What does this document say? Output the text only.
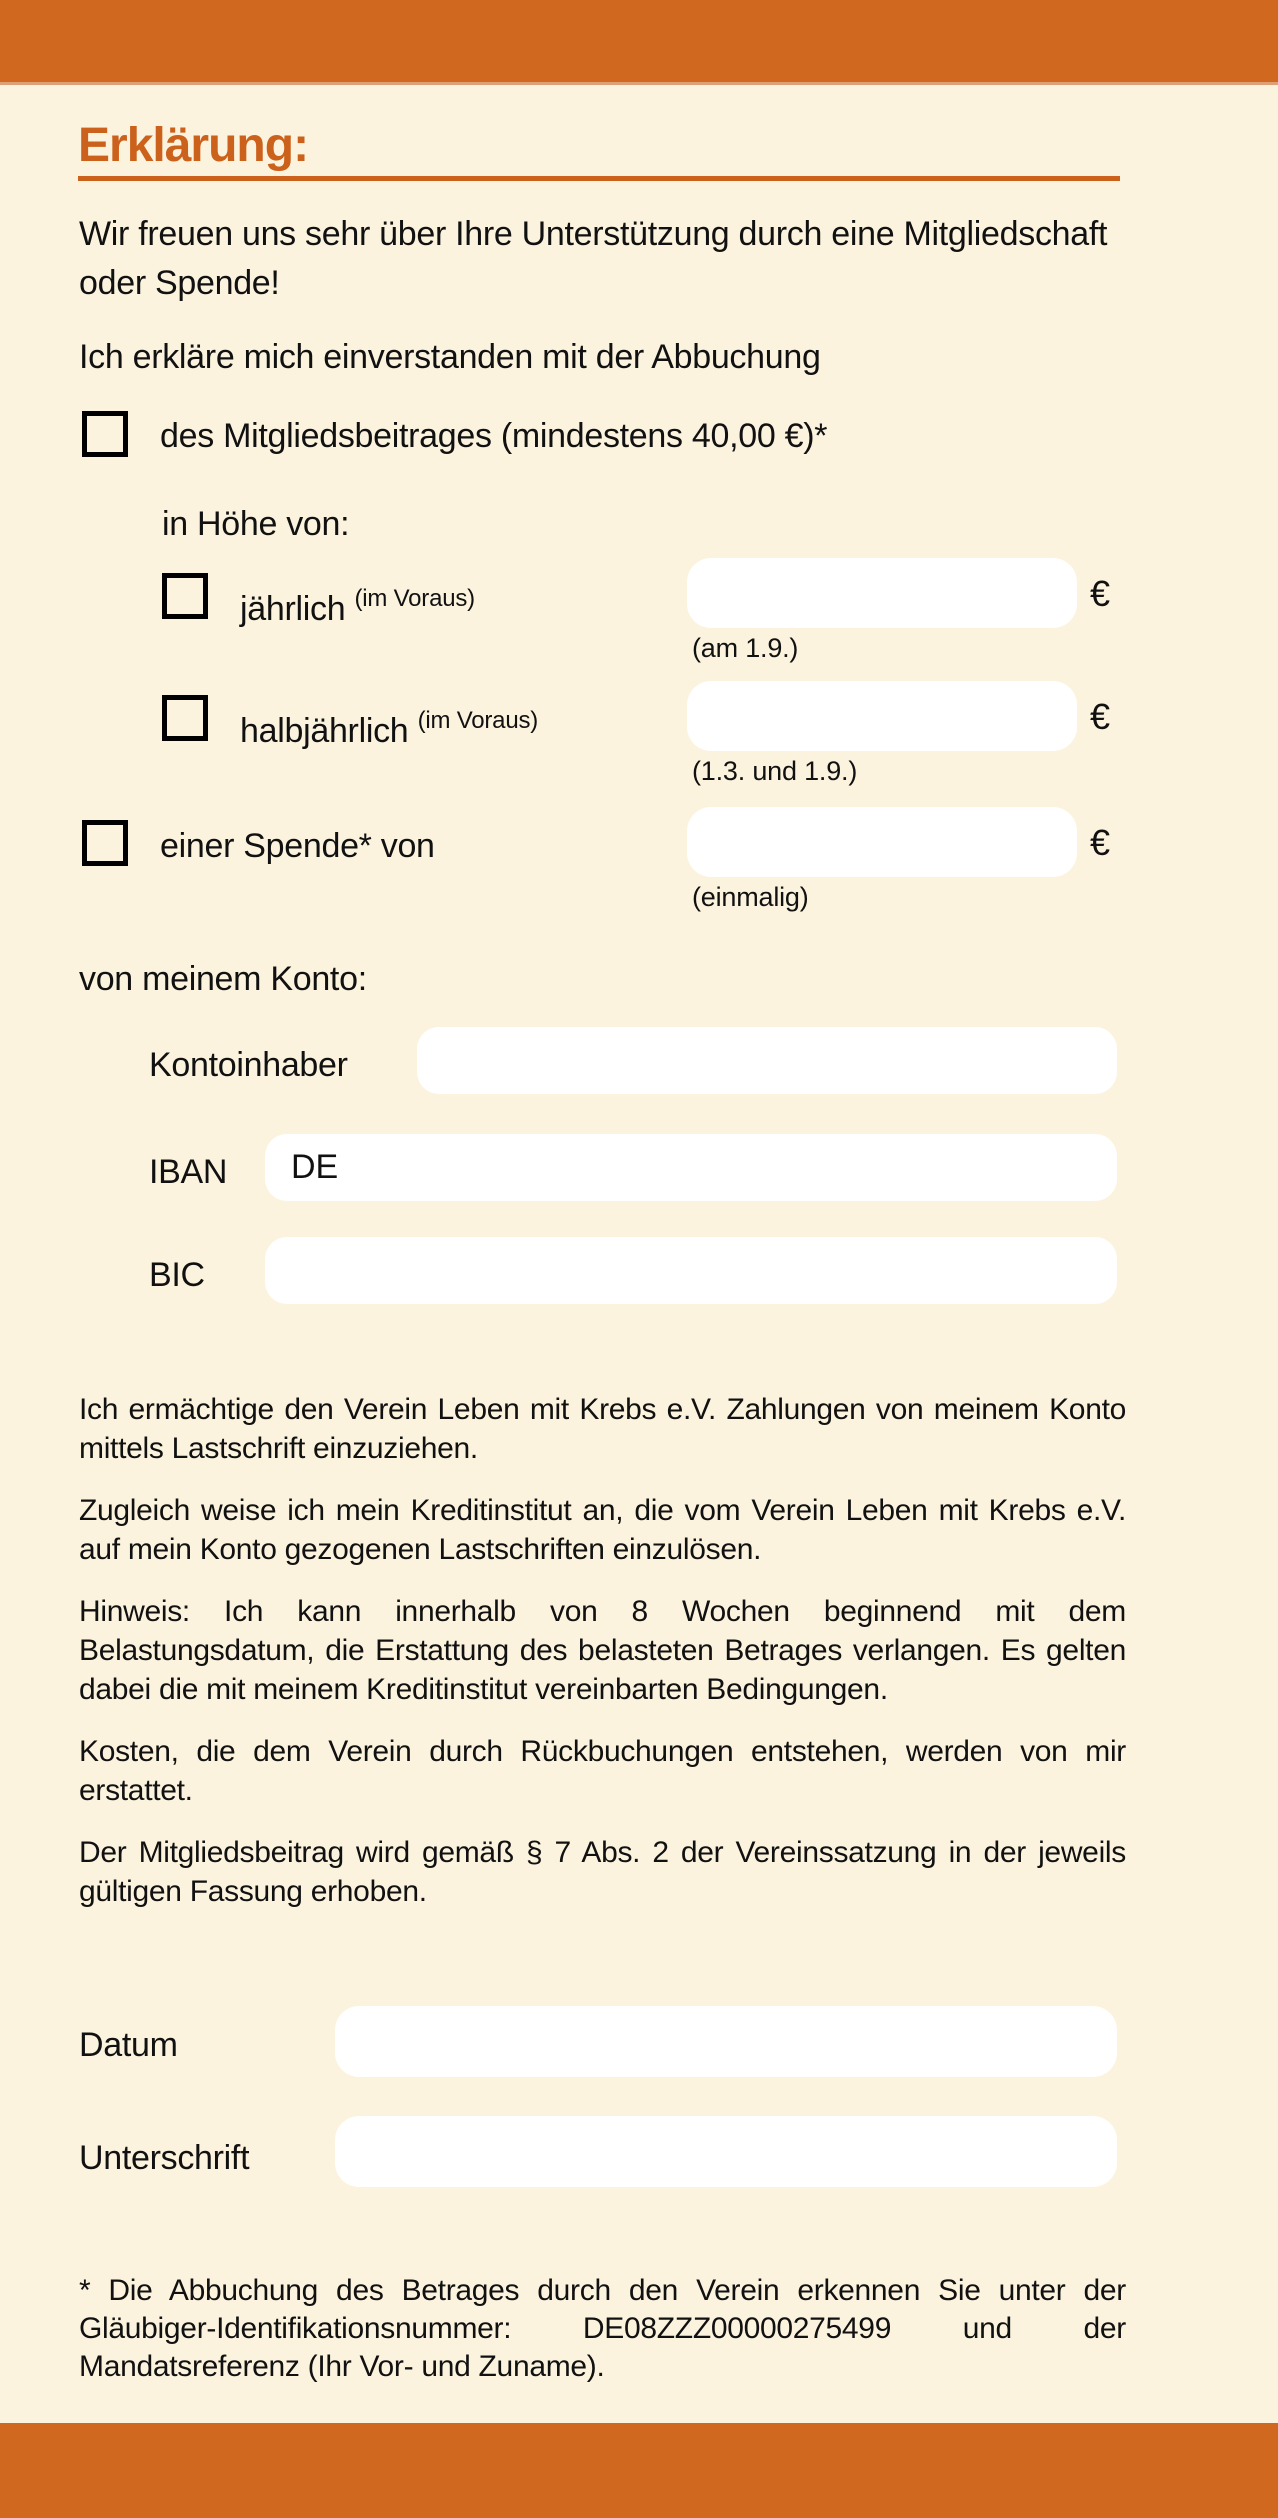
Erklärung:
Wir freuen uns sehr über Ihre Unterstützung durch eine Mitgliedschaft oder Spende!
Ich erkläre mich einverstanden mit der Abbuchung
des Mitgliedsbeitrages (mindestens 40,00 €)*
in Höhe von:
jährlich $^{(im Voraus)}$	€
(am 1.9.)
halbjährlich $^{(im Voraus)}$	€
(1.3. und 1.9.)
einer Spende* von	€
(einmalig)
von meinem Konto:
Kontoinhaber
IBAN	DE
BIC

Ich ermächtige den Verein Leben mit Krebs e.V. Zahlungen von meinem Konto mittels Lastschrift einzuziehen.

Zugleich weise ich mein Kreditinstitut an, die vom Verein Leben mit Krebs e.V. auf mein Konto gezogenen Lastschriften einzulösen.

Hinweis: Ich kann innerhalb von 8 Wochen beginnend mit dem Belastungsdatum, die Erstattung des belasteten Betrages verlangen. Es gelten dabei die mit meinem Kreditinstitut vereinbarten Bedingungen.

Kosten, die dem Verein durch Rückbuchungen entstehen, werden von mir erstattet.

Der Mitgliedsbeitrag wird gemäß § 7 Abs. 2 der Vereinssatzung in der jeweils gültigen Fassung erhoben.

Datum
Unterschrift
* Die Abbuchung des Betrages durch den Verein erkennen Sie unter der Gläubiger-Identifikationsnummer: DE08ZZZ00000275499 und der Mandatsreferenz (Ihr Vor- und Zuname).
